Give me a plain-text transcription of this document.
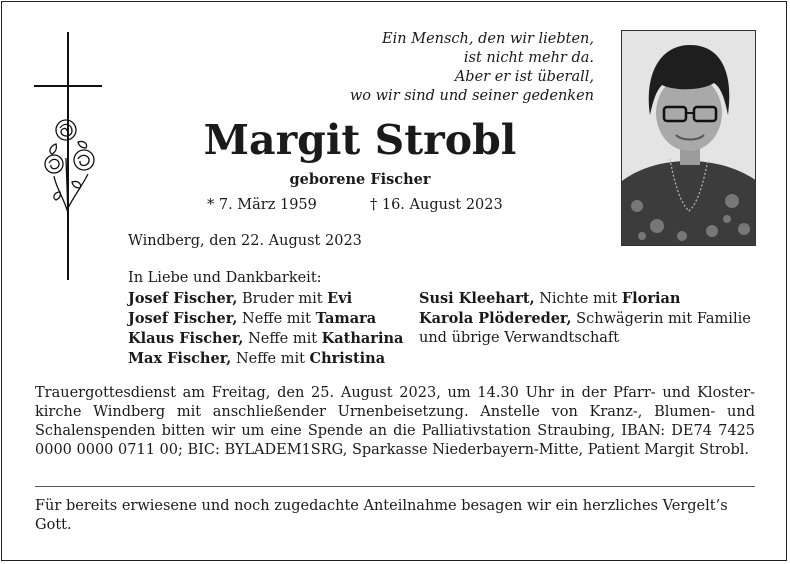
Ein Mensch, den wir liebten,
ist nicht mehr da.
Aber er ist überall,
wo wir sind und seiner gedenken
Margit Strobl
geborene Fischer
* 7. März 1959	† 16. August 2023
Windberg, den 22. August 2023
In Liebe und Dankbarkeit:
Josef Fischer, Bruder mit Evi
Josef Fischer, Neffe mit Tamara
Klaus Fischer, Neffe mit Katharina
Max Fischer, Neffe mit Christina
Susi Kleehart, Nichte mit Florian
Karola Plödereder, Schwägerin mit Familie
und übrige Verwandtschaft
Trauergottesdienst am Freitag, den 25. August 2023, um 14.30 Uhr in der Pfarr- und Klosterkirche Windberg mit anschließender Urnenbeisetzung. Anstelle von Kranz-, Blumen- und Schalenspenden bitten wir um eine Spende an die Palliativstation Straubing, IBAN: DE74 7425 0000 0000 0711 00; BIC: BYLADEM1SRG, Sparkasse Niederbayern-Mitte, Patient Margit Strobl.
Für bereits erwiesene und noch zugedachte Anteilnahme besagen wir ein herzliches Vergelt’s Gott.
